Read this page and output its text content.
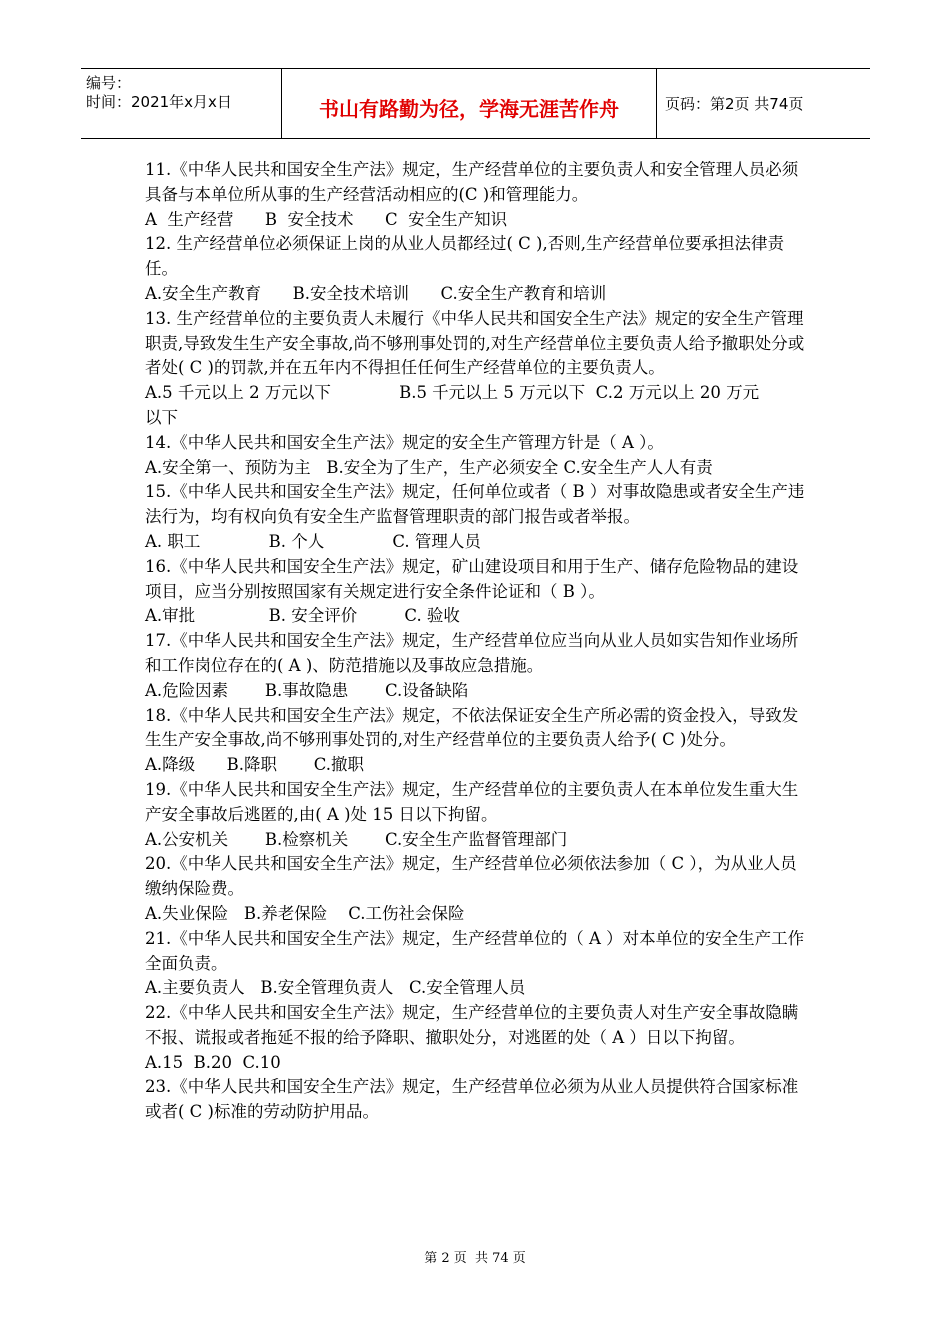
编号：
时间：2021年x月x日	书山有路勤为径，学海无涯苦作舟	页码：第2页 共74页

11.《中华人民共和国安全生产法》规定，生产经营单位的主要负责人和安全管理人员必须具备与本单位所从事的生产经营活动相应的(C )和管理能力。

A  生产经营      B  安全技术      C  安全生产知识

12. 生产经营单位必须保证上岗的从业人员都经过( C ),否则,生产经营单位要承担法律责任。

A.安全生产教育      B.安全技术培训      C.安全生产教育和培训

13. 生产经营单位的主要负责人未履行《中华人民共和国安全生产法》规定的安全生产管理职责,导致发生生产安全事故,尚不够刑事处罚的,对生产经营单位主要负责人给予撤职处分或者处( C )的罚款,并在五年内不得担任任何生产经营单位的主要负责人。

A.5 千元以上 2 万元以下             B.5 千元以上 5 万元以下  C.2 万元以上 20 万元
以下

14.《中华人民共和国安全生产法》规定的安全生产管理方针是（ A ）。

A.安全第一、预防为主   B.安全为了生产，生产必须安全 C.安全生产人人有责

15.《中华人民共和国安全生产法》规定，任何单位或者（ B ）对事故隐患或者安全生产违法行为，均有权向负有安全生产监督管理职责的部门报告或者举报。

A. 职工             B. 个人             C. 管理人员

16.《中华人民共和国安全生产法》规定，矿山建设项目和用于生产、储存危险物品的建设项目，应当分别按照国家有关规定进行安全条件论证和（ B ）。

A.审批              B. 安全评价         C. 验收

17.《中华人民共和国安全生产法》规定，生产经营单位应当向从业人员如实告知作业场所和工作岗位存在的( A )、防范措施以及事故应急措施。

A.危险因素       B.事故隐患       C.设备缺陷

18.《中华人民共和国安全生产法》规定，不依法保证安全生产所必需的资金投入，导致发生生产安全事故,尚不够刑事处罚的,对生产经营单位的主要负责人给予( C )处分。

A.降级      B.降职       C.撤职

19.《中华人民共和国安全生产法》规定，生产经营单位的主要负责人在本单位发生重大生产安全事故后逃匿的,由( A )处 15 日以下拘留。

A.公安机关       B.检察机关       C.安全生产监督管理部门

20.《中华人民共和国安全生产法》规定，生产经营单位必须依法参加（ C ），为从业人员缴纳保险费。

A.失业保险   B.养老保险    C.工伤社会保险

21.《中华人民共和国安全生产法》规定，生产经营单位的（ A ）对本单位的安全生产工作全面负责。

A.主要负责人   B.安全管理负责人   C.安全管理人员

22.《中华人民共和国安全生产法》规定，生产经营单位的主要负责人对生产安全事故隐瞒不报、谎报或者拖延不报的给予降职、撤职处分，对逃匿的处（ A ）日以下拘留。

A.15  B.20  C.10

23.《中华人民共和国安全生产法》规定，生产经营单位必须为从业人员提供符合国家标准或者( C )标准的劳动防护用品。

第 2 页  共 74 页
